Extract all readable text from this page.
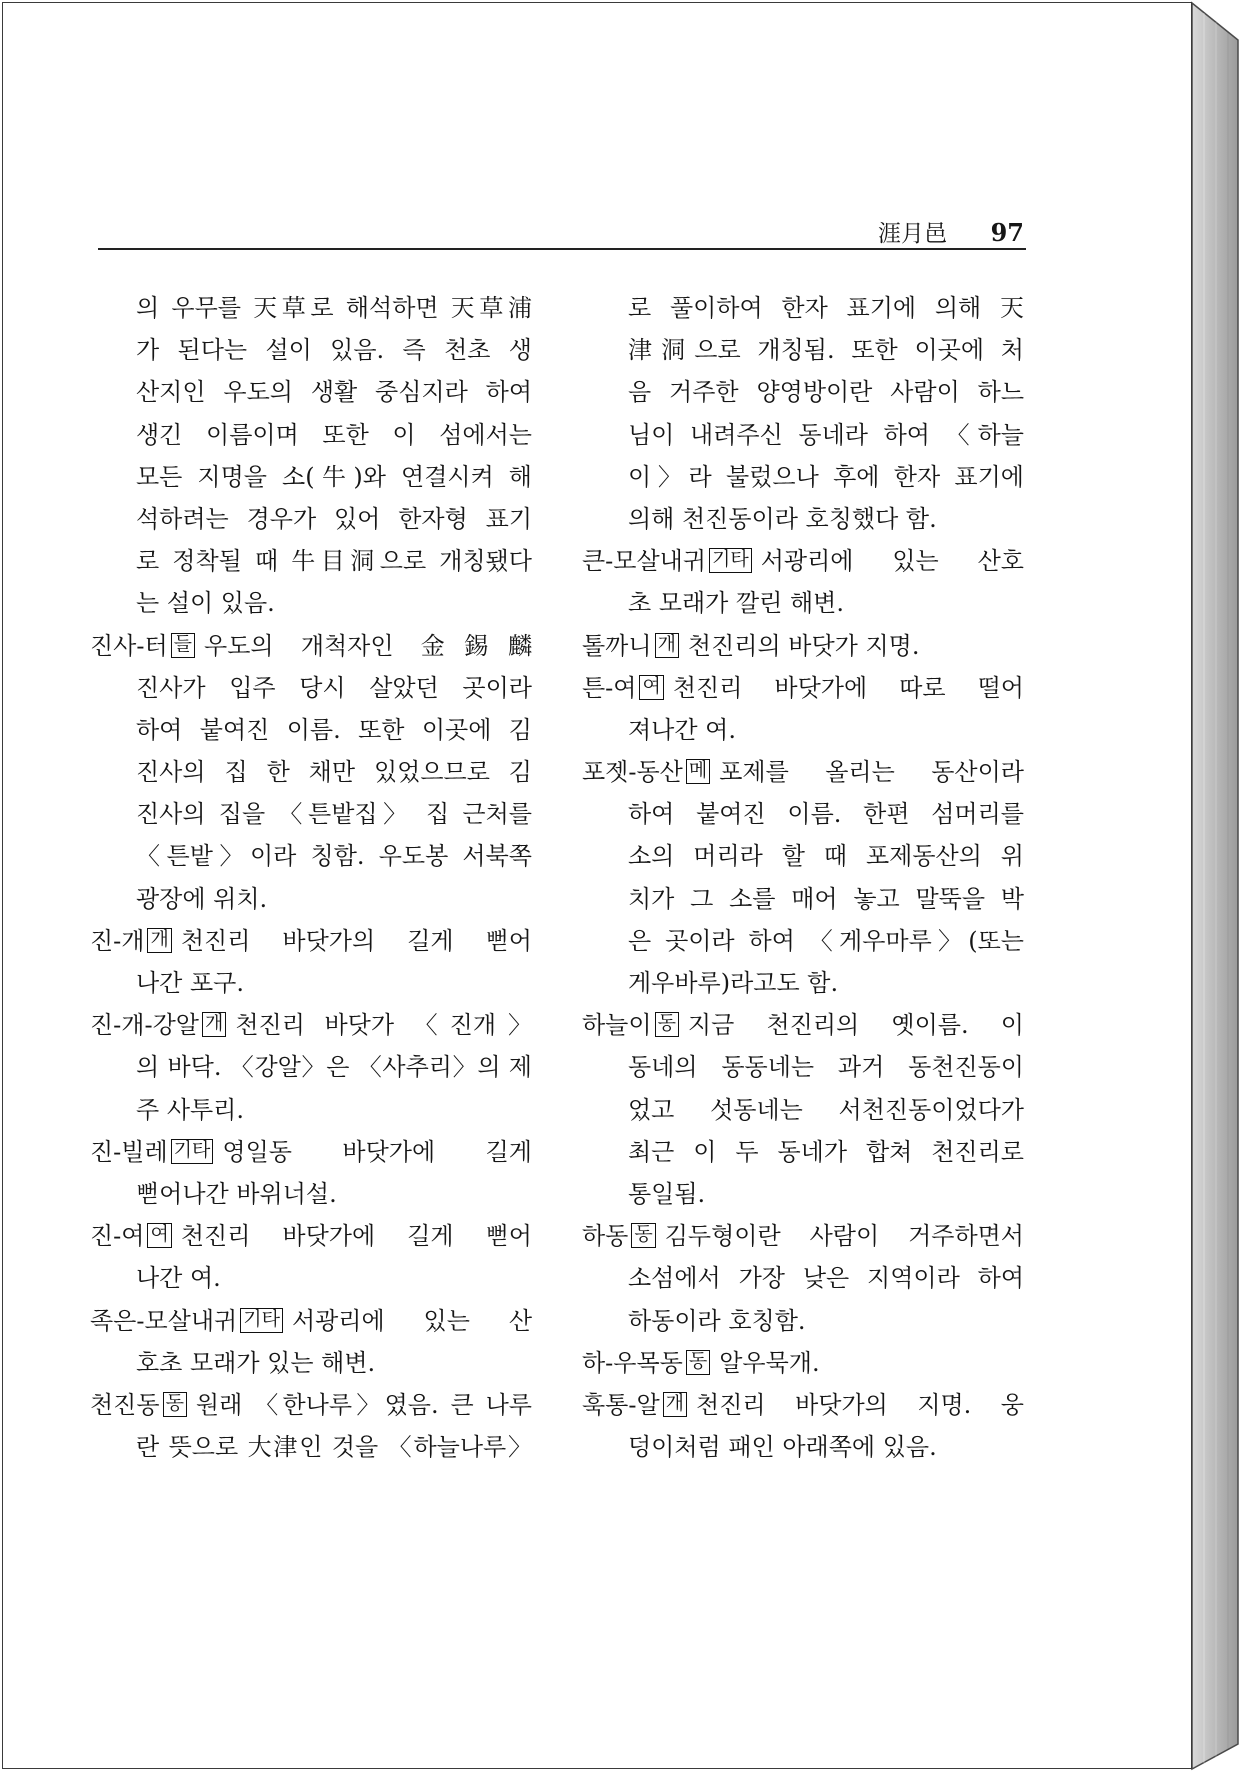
涯月邑 97
의 우무를 天草로 해석하면 天草浦
가 된다는 설이 있음. 즉 천초 생
산지인 우도의 생활 중심지라 하여
생긴 이름이며 또한 이 섬에서는
모든 지명을 소(牛)와 연결시켜 해
석하려는 경우가 있어 한자형 표기
로 정착될 때 牛目洞으로 개칭됐다
는 설이 있음.
진사-터 들 우도의 개척자인 金錫麟
진사가 입주 당시 살았던 곳이라
하여 붙여진 이름. 또한 이곳에 김
진사의 집 한 채만 있었으므로 김
진사의 집을 〈튼밭집〉 집 근처를
〈튼밭〉이라 칭함. 우도봉 서북쪽
광장에 위치.
진-개 개 천진리 바닷가의 길게 뻗어
나간 포구.
진-개-강알 개 천진리 바닷가 〈진개〉
의 바닥. 〈강알〉은 〈사추리〉의 제
주 사투리.
진-빌레 기타 영일동 바닷가에 길게
뻗어나간 바위너설.
진-여 여 천진리 바닷가에 길게 뻗어
나간 여.
족은-모살내귀 기타 서광리에 있는 산
호초 모래가 있는 해변.
천진동 동 원래 〈한나루〉였음. 큰 나루
란 뜻으로 大津인 것을 〈하늘나루〉
로 풀이하여 한자 표기에 의해 天
津洞으로 개칭됨. 또한 이곳에 처
음 거주한 양영방이란 사람이 하느
님이 내려주신 동네라 하여 〈하늘
이〉라 불렀으나 후에 한자 표기에
의해 천진동이라 호칭했다 함.
큰-모살내귀 기타 서광리에 있는 산호
초 모래가 깔린 해변.
톨까니 개 천진리의 바닷가 지명.
튼-여 여 천진리 바닷가에 따로 떨어
져나간 여.
포젯-동산 메 포제를 올리는 동산이라
하여 붙여진 이름. 한편 섬머리를
소의 머리라 할 때 포제동산의 위
치가 그 소를 매어 놓고 말뚝을 박
은 곳이라 하여 〈게우마루〉(또는
게우바루)라고도 함.
하늘이 동 지금 천진리의 옛이름. 이
동네의 동동네는 과거 동천진동이
었고 섯동네는 서천진동이었다가
최근 이 두 동네가 합쳐 천진리로
통일됨.
하동 동 김두형이란 사람이 거주하면서
소섬에서 가장 낮은 지역이라 하여
하동이라 호칭함.
하-우목동 동 알우묵개.
훅통-알 개 천진리 바닷가의 지명. 웅
덩이처럼 패인 아래쪽에 있음.
